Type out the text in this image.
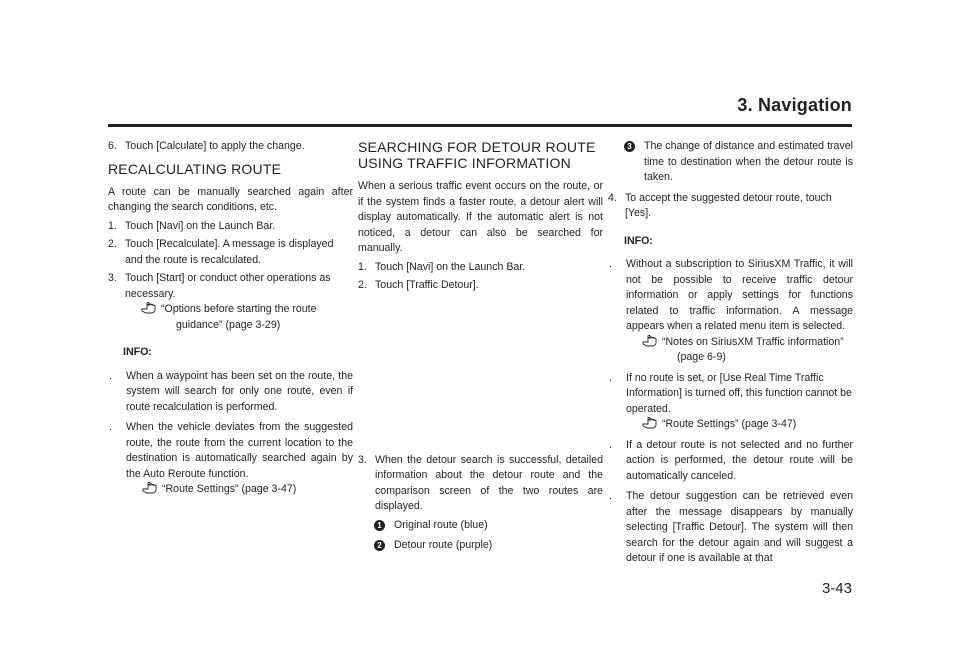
3. Navigation
6. Touch [Calculate] to apply the change.
RECALCULATING ROUTE

A route can be manually searched again after changing the search conditions, etc.

1. Touch [Navi] on the Launch Bar.
2. Touch [Recalculate]. A message is displayed and the route is recalculated.
3. Touch [Start] or conduct other operations as necessary.
“Options before starting the route
guidance” (page 3-29)
INFO:
.	When a waypoint has been set on the route, the system will search for only one route, even if route recalculation is performed.
.	When the vehicle deviates from the suggested route, the route from the current location to the destination is automatically searched again by the Auto Reroute function.
“Route Settings” (page 3-47)
SEARCHING FOR DETOUR ROUTE
USING TRAFFIC INFORMATION

When a serious traffic event occurs on the route, or if the system finds a faster route, a detour alert will display automatically. If the automatic alert is not noticed, a detour can also be searched for manually.

1. Touch [Navi] on the Launch Bar.
2. Touch [Traffic Detour].
3. When the detour search is successful, detailed information about the detour route and the comparison screen of the two routes are displayed.
1	Original route (blue)
2	Detour route (purple)
3	The change of distance and estimated travel time to destination when the detour route is taken.
4. To accept the suggested detour route, touch [Yes].
INFO:
.	Without a subscription to SiriusXM Traffic, it will not be possible to receive traffic detour information or apply settings for functions related to traffic information. A message appears when a related menu item is selected.
“Notes on SiriusXM Traffic information”
(page 6-9)
.	If no route is set, or [Use Real Time Traffic Information] is turned off, this function cannot be operated.
“Route Settings” (page 3-47)
.	If a detour route is not selected and no further action is performed, the detour route will be automatically canceled.
.	The detour suggestion can be retrieved even after the message disappears by manually selecting [Traffic Detour]. The system will then search for the detour again and will suggest a detour if one is available at that
3-43
